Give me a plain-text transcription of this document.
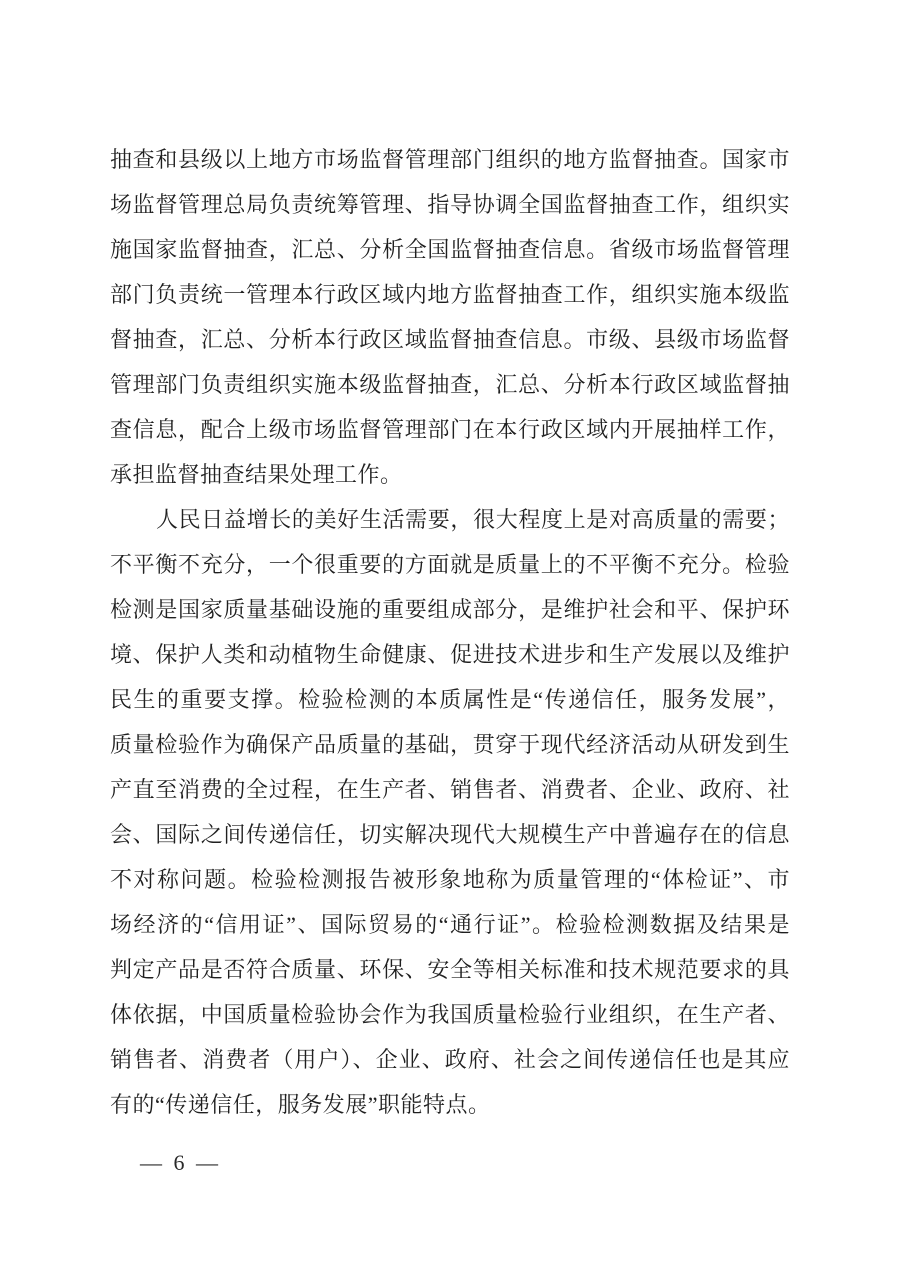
抽查和县级以上地方市场监督管理部门组织的地方监督抽查。国家市
场监督管理总局负责统筹管理、指导协调全国监督抽查工作，组织实
施国家监督抽查，汇总、分析全国监督抽查信息。省级市场监督管理
部门负责统一管理本行政区域内地方监督抽查工作，组织实施本级监
督抽查，汇总、分析本行政区域监督抽查信息。市级、县级市场监督
管理部门负责组织实施本级监督抽查，汇总、分析本行政区域监督抽
查信息，配合上级市场监督管理部门在本行政区域内开展抽样工作，
承担监督抽查结果处理工作。
人民日益增长的美好生活需要，很大程度上是对高质量的需要；
不平衡不充分，一个很重要的方面就是质量上的不平衡不充分。检验
检测是国家质量基础设施的重要组成部分，是维护社会和平、保护环
境、保护人类和动植物生命健康、促进技术进步和生产发展以及维护
民生的重要支撑。检验检测的本质属性是“传递信任，服务发展”，
质量检验作为确保产品质量的基础，贯穿于现代经济活动从研发到生
产直至消费的全过程，在生产者、销售者、消费者、企业、政府、社
会、国际之间传递信任，切实解决现代大规模生产中普遍存在的信息
不对称问题。检验检测报告被形象地称为质量管理的“体检证”、市
场经济的“信用证”、国际贸易的“通行证”。检验检测数据及结果是
判定产品是否符合质量、环保、安全等相关标准和技术规范要求的具
体依据，中国质量检验协会作为我国质量检验行业组织，在生产者、
销售者、消费者（用户）、企业、政府、社会之间传递信任也是其应
有的“传递信任，服务发展”职能特点。
— 6 —
